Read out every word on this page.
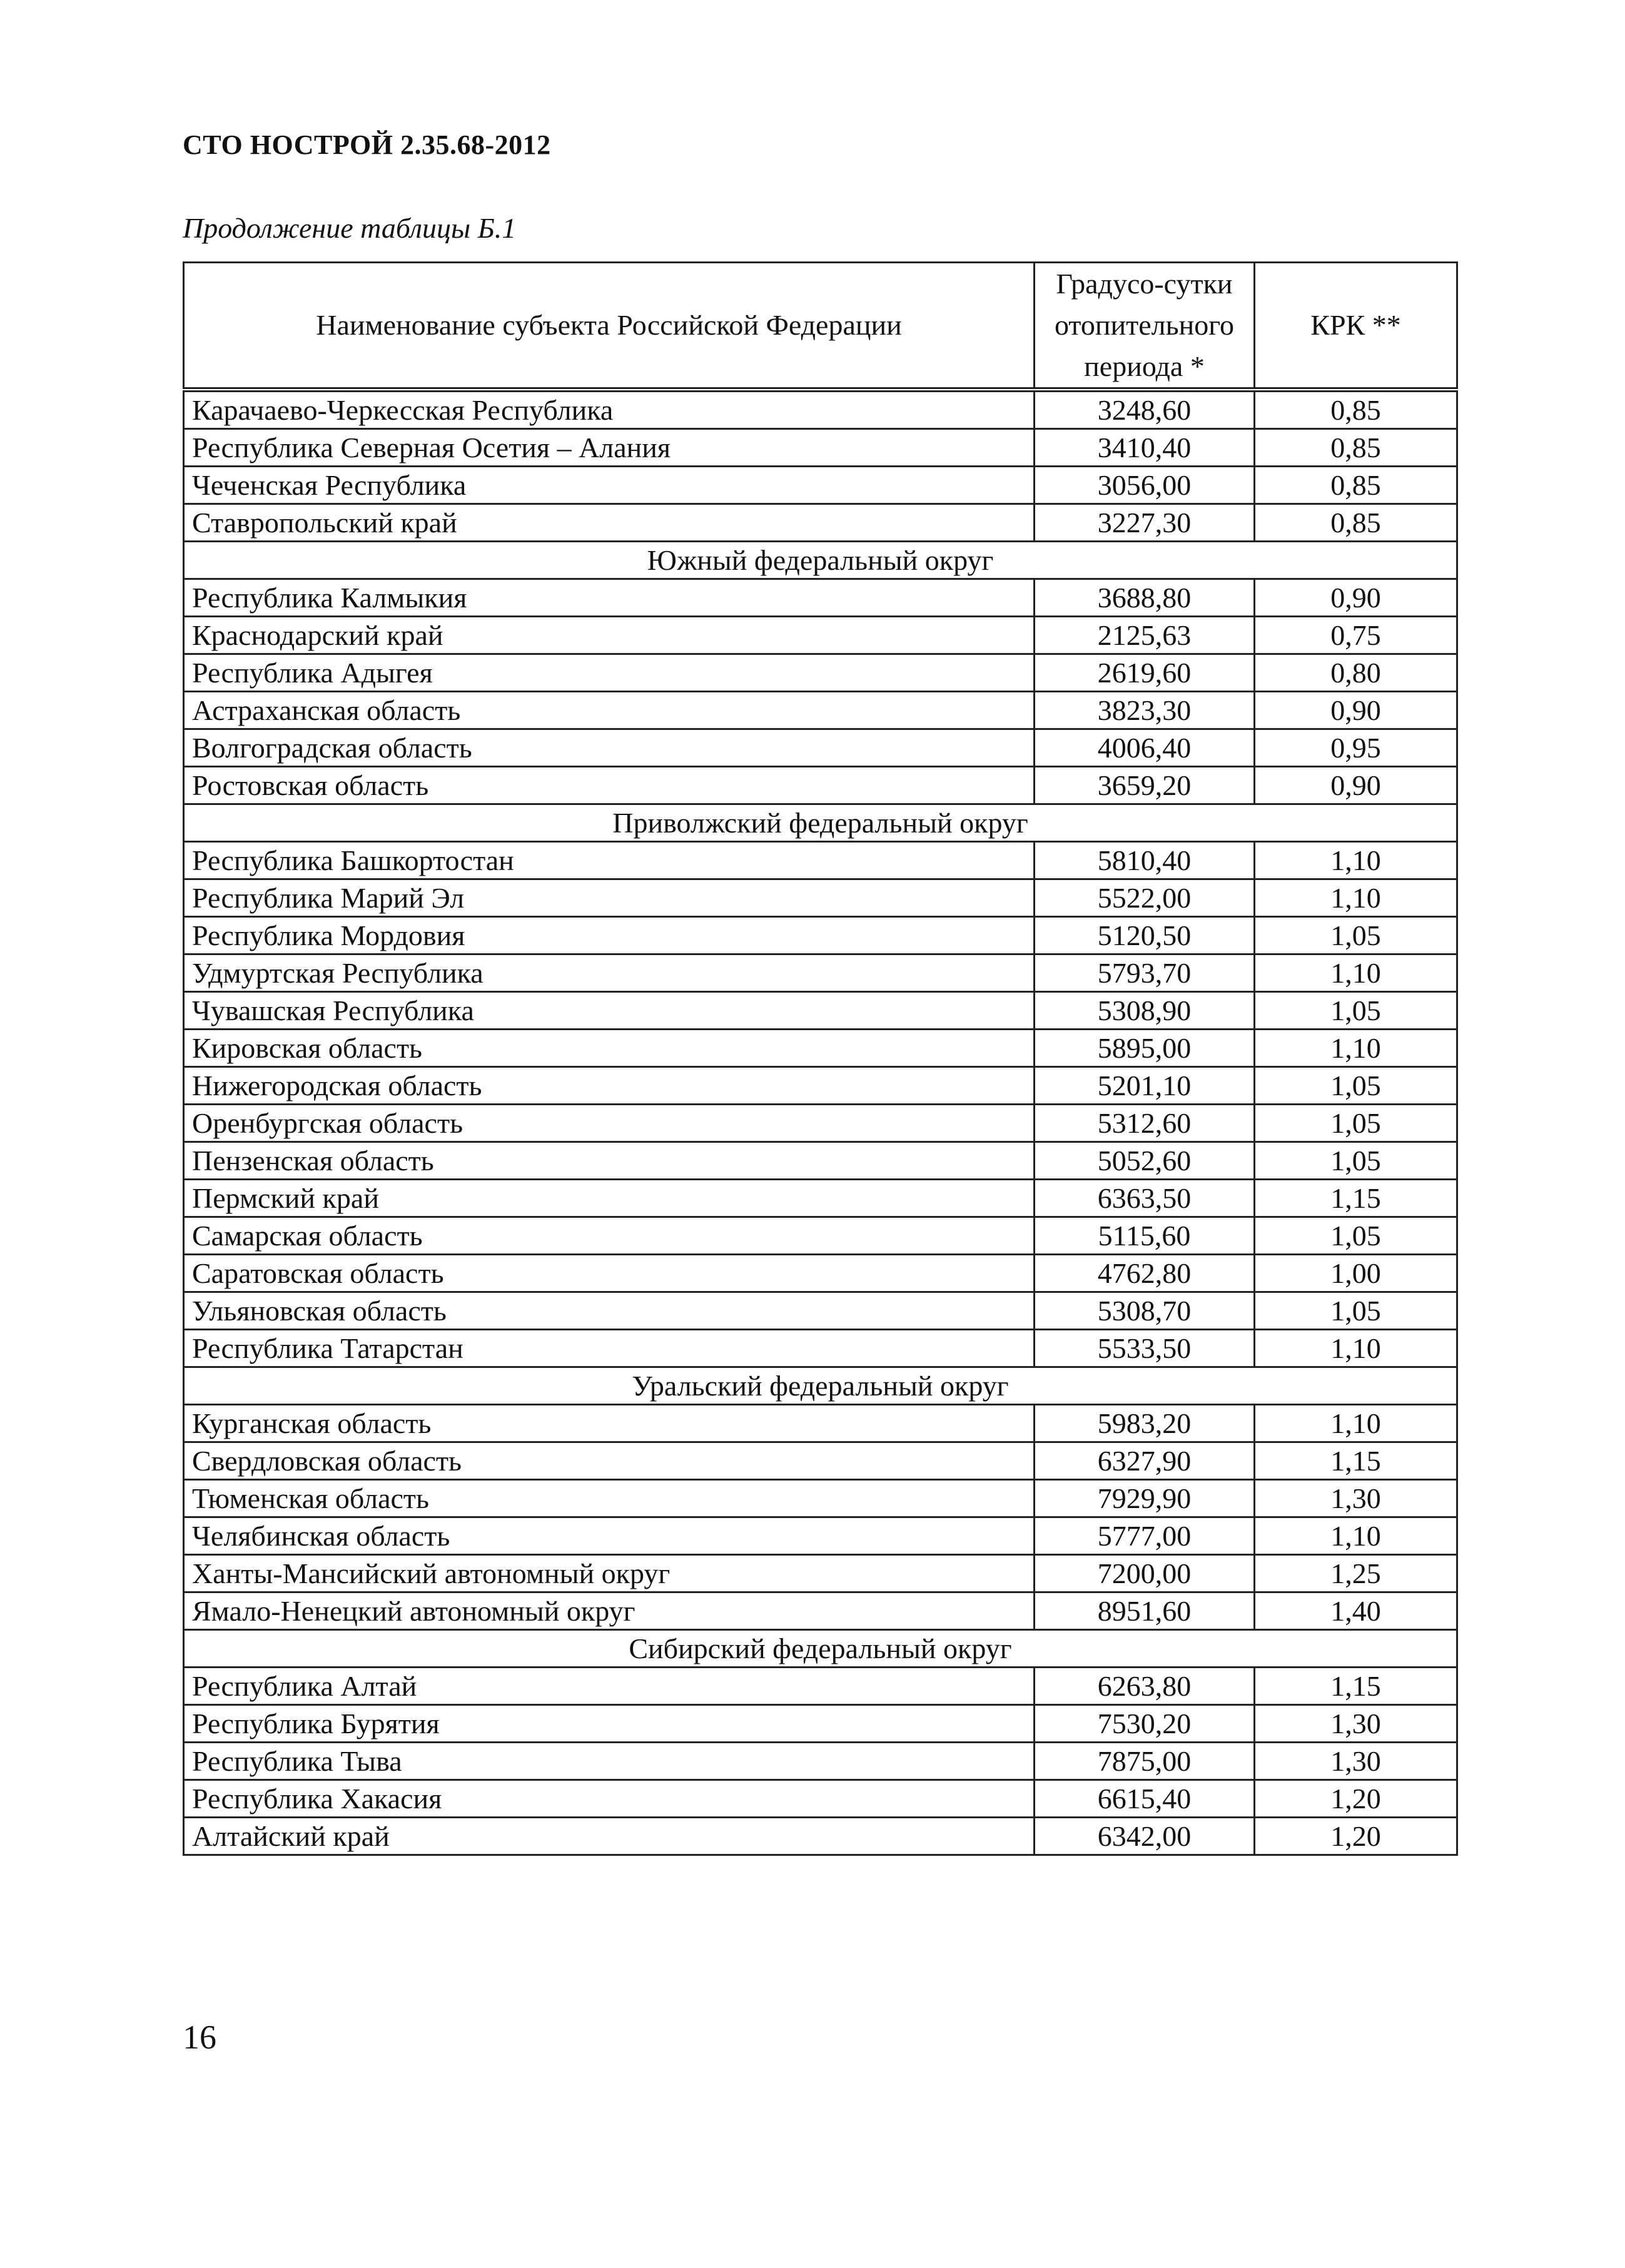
СТО НОСТРОЙ 2.35.68-2012
Продолжение таблицы Б.1
Наименование субъекта Российской Федерации	Градусо-сутки отопительного периода *	КРК **
Карачаево-Черкесская Республика	3248,60	0,85
Республика Северная Осетия – Алания	3410,40	0,85
Чеченская Республика	3056,00	0,85
Ставропольский край	3227,30	0,85
Южный федеральный округ		
Республика Калмыкия	3688,80	0,90
Краснодарский край	2125,63	0,75
Республика Адыгея	2619,60	0,80
Астраханская область	3823,30	0,90
Волгоградская область	4006,40	0,95
Ростовская область	3659,20	0,90
Приволжский федеральный округ		
Республика Башкортостан	5810,40	1,10
Республика Марий Эл	5522,00	1,10
Республика Мордовия	5120,50	1,05
Удмуртская Республика	5793,70	1,10
Чувашская Республика	5308,90	1,05
Кировская область	5895,00	1,10
Нижегородская область	5201,10	1,05
Оренбургская область	5312,60	1,05
Пензенская область	5052,60	1,05
Пермский край	6363,50	1,15
Самарская область	5115,60	1,05
Саратовская область	4762,80	1,00
Ульяновская область	5308,70	1,05
Республика Татарстан	5533,50	1,10
Уральский федеральный округ		
Курганская область	5983,20	1,10
Свердловская область	6327,90	1,15
Тюменская область	7929,90	1,30
Челябинская область	5777,00	1,10
Ханты-Мансийский автономный округ	7200,00	1,25
Ямало-Ненецкий автономный округ	8951,60	1,40
Сибирский федеральный округ		
Республика Алтай	6263,80	1,15
Республика Бурятия	7530,20	1,30
Республика Тыва	7875,00	1,30
Республика Хакасия	6615,40	1,20
Алтайский край	6342,00	1,20
16
